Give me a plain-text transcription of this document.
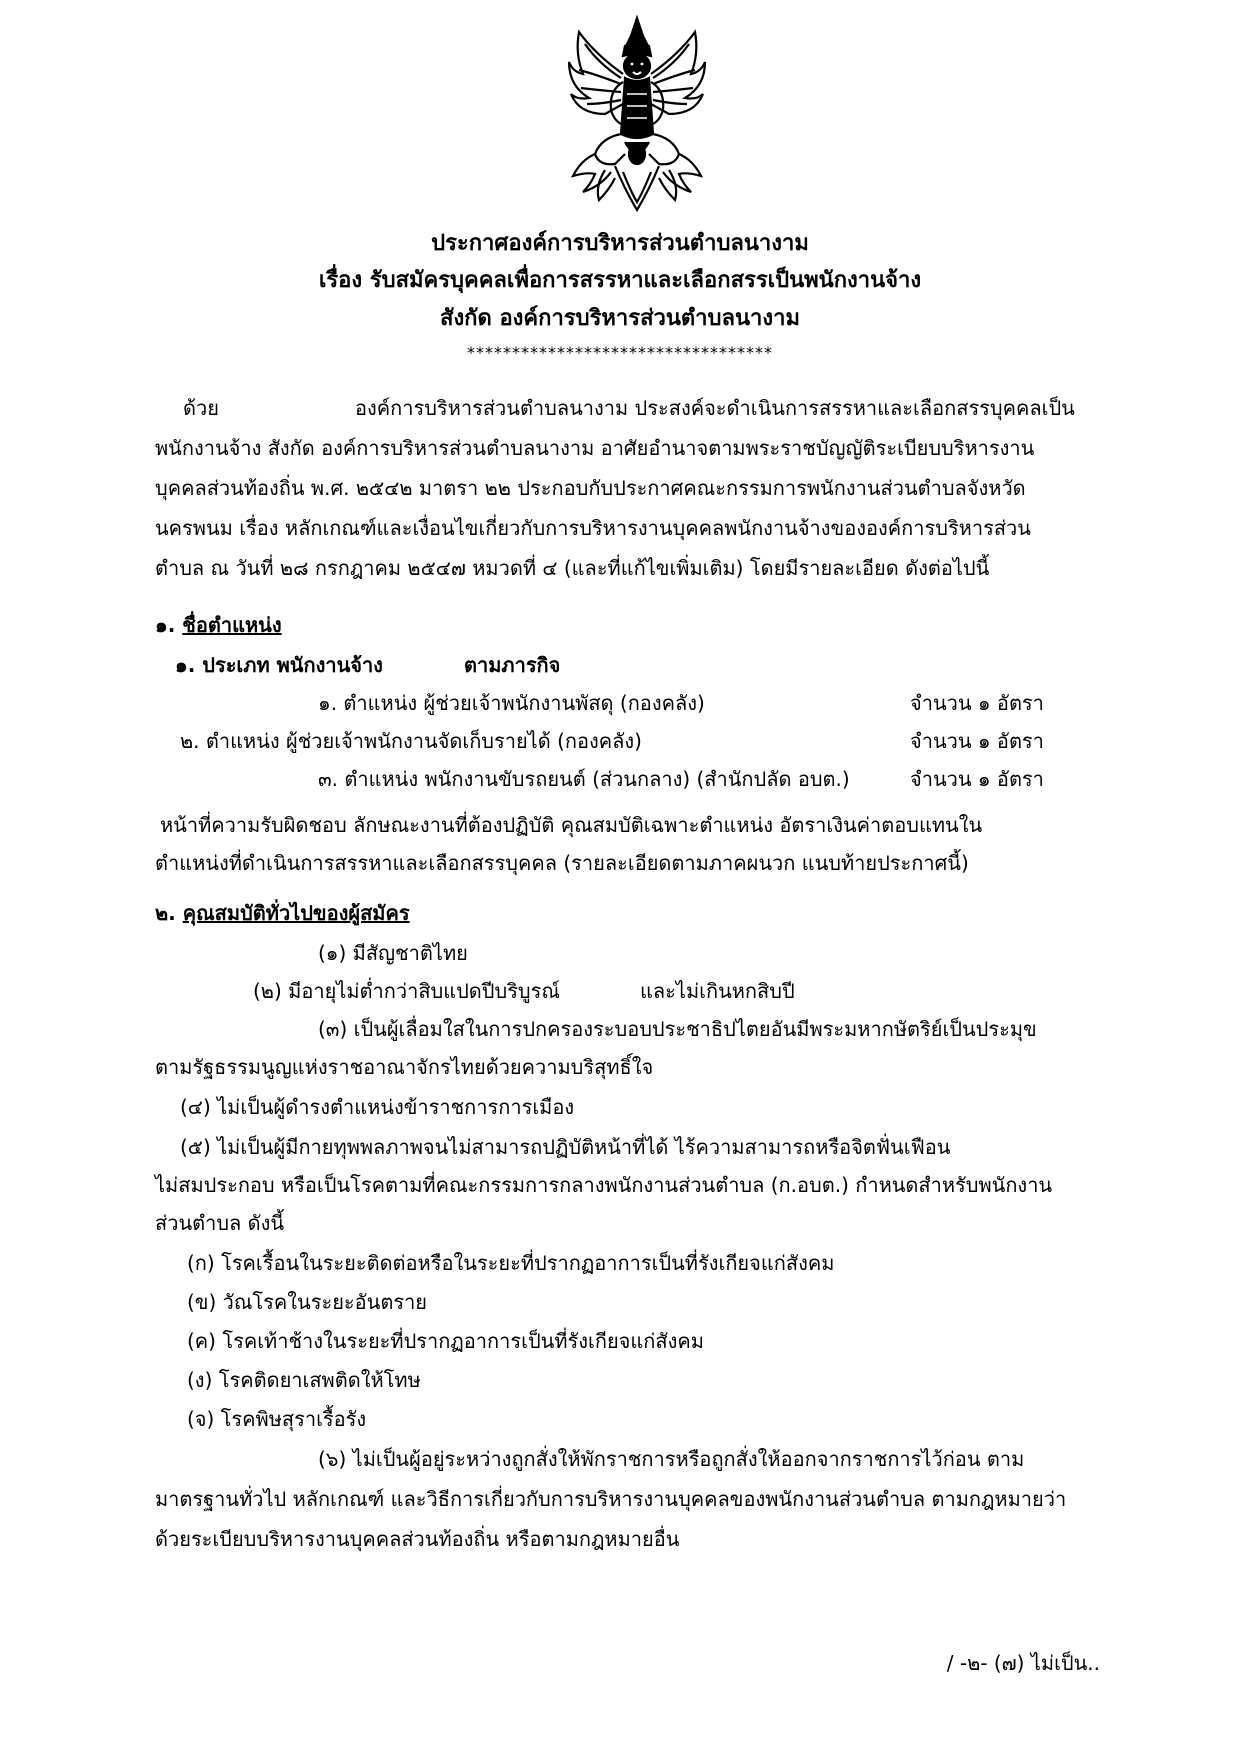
ประกาศองค์การบริหารส่วนตำบลนางาม
เรื่อง รับสมัครบุคคลเพื่อการสรรหาและเลือกสรรเป็นพนักงานจ้าง
สังกัด องค์การบริหารส่วนตำบลนางาม
**********************************
ด้วย	องค์การบริหารส่วนตำบลนางาม ประสงค์จะดำเนินการสรรหาและเลือกสรรบุคคลเป็น
พนักงานจ้าง สังกัด องค์การบริหารส่วนตำบลนางาม อาศัยอำนาจตามพระราชบัญญัติระเบียบบริหารงาน
บุคคลส่วนท้องถิ่น พ.ศ. ๒๕๔๒ มาตรา ๒๒ ประกอบกับประกาศคณะกรรมการพนักงานส่วนตำบลจังหวัด
นครพนม เรื่อง หลักเกณฑ์และเงื่อนไขเกี่ยวกับการบริหารงานบุคคลพนักงานจ้างขององค์การบริหารส่วน
ตำบล ณ วันที่ ๒๘ กรกฎาคม ๒๕๔๗ หมวดที่ ๔ (และที่แก้ไขเพิ่มเติม) โดยมีรายละเอียด ดังต่อไปนี้
๑. ชื่อตำแหน่ง
๑. ประเภท พนักงานจ้าง	ตามภารกิจ
๑. ตำแหน่ง ผู้ช่วยเจ้าพนักงานพัสดุ (กองคลัง)	จำนวน ๑ อัตรา
๒. ตำแหน่ง ผู้ช่วยเจ้าพนักงานจัดเก็บรายได้ (กองคลัง)	จำนวน ๑ อัตรา
๓. ตำแหน่ง พนักงานขับรถยนต์ (ส่วนกลาง) (สำนักปลัด อบต.)	จำนวน ๑ อัตรา
หน้าที่ความรับผิดชอบ ลักษณะงานที่ต้องปฏิบัติ คุณสมบัติเฉพาะตำแหน่ง อัตราเงินค่าตอบแทนใน
ตำแหน่งที่ดำเนินการสรรหาและเลือกสรรบุคคล (รายละเอียดตามภาคผนวก แนบท้ายประกาศนี้)
๒. คุณสมบัติทั่วไปของผู้สมัคร
(๑) มีสัญชาติไทย
(๒) มีอายุไม่ต่ำกว่าสิบแปดปีบริบูรณ์	และไม่เกินหกสิบปี
(๓) เป็นผู้เลื่อมใสในการปกครองระบอบประชาธิปไตยอันมีพระมหากษัตริย์เป็นประมุข
ตามรัฐธรรมนูญแห่งราชอาณาจักรไทยด้วยความบริสุทธิ์ใจ
(๔) ไม่เป็นผู้ดำรงตำแหน่งข้าราชการการเมือง
(๕) ไม่เป็นผู้มีกายทุพพลภาพจนไม่สามารถปฏิบัติหน้าที่ได้ ไร้ความสามารถหรือจิตฟั่นเฟือน
ไม่สมประกอบ หรือเป็นโรคตามที่คณะกรรมการกลางพนักงานส่วนตำบล (ก.อบต.) กำหนดสำหรับพนักงาน
ส่วนตำบล ดังนี้
(ก) โรคเรื้อนในระยะติดต่อหรือในระยะที่ปรากฏอาการเป็นที่รังเกียจแก่สังคม
(ข) วัณโรคในระยะอันตราย
(ค) โรคเท้าช้างในระยะที่ปรากฏอาการเป็นที่รังเกียจแก่สังคม
(ง) โรคติดยาเสพติดให้โทษ
(จ) โรคพิษสุราเรื้อรัง
(๖) ไม่เป็นผู้อยู่ระหว่างถูกสั่งให้พักราชการหรือถูกสั่งให้ออกจากราชการไว้ก่อน ตาม
มาตรฐานทั่วไป หลักเกณฑ์ และวิธีการเกี่ยวกับการบริหารงานบุคคลของพนักงานส่วนตำบล ตามกฎหมายว่า
ด้วยระเบียบบริหารงานบุคคลส่วนท้องถิ่น หรือตามกฎหมายอื่น
/ -๒- (๗) ไม่เป็น..
